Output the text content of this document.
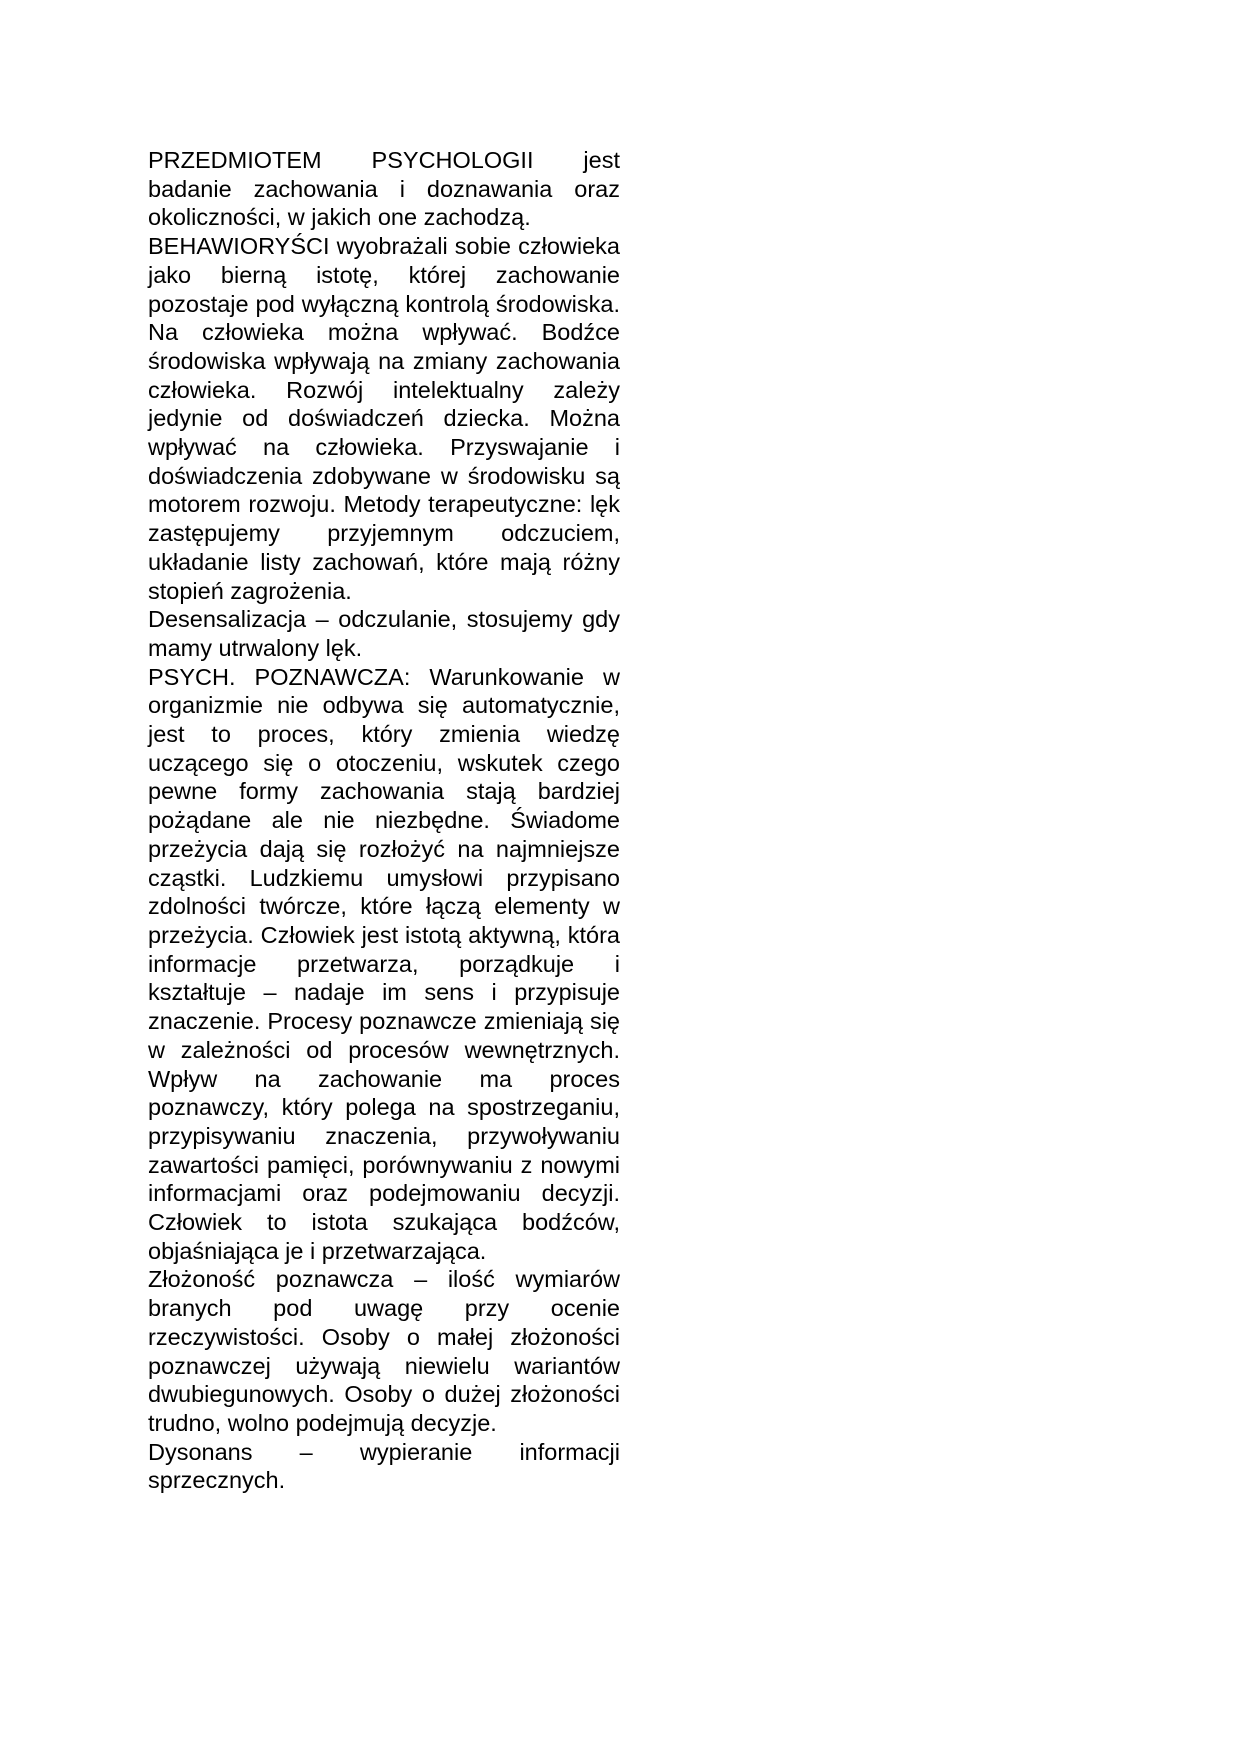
PRZEDMIOTEM PSYCHOLOGII jest badanie zachowania i doznawania oraz okoliczności, w jakich one zachodzą.

BEHAWIORYŚCI wyobrażali sobie człowieka jako bierną istotę, której zachowanie pozostaje pod wyłączną kontrolą środowiska. Na człowieka można wpływać. Bodźce środowiska wpływają na zmiany zachowania człowieka. Rozwój intelektualny zależy jedynie od doświadczeń dziecka. Można wpływać na człowieka. Przyswajanie i doświadczenia zdobywane w środowisku są motorem rozwoju. Metody terapeutyczne: lęk zastępujemy przyjemnym odczuciem, układanie listy zachowań, które mają różny stopień zagrożenia.

Desensalizacja – odczulanie, stosujemy gdy mamy utrwalony lęk.

PSYCH. POZNAWCZA: Warunkowanie w organizmie nie odbywa się automatycznie, jest to proces, który zmienia wiedzę uczącego się o otoczeniu, wskutek czego pewne formy zachowania stają bardziej pożądane ale nie niezbędne. Świadome przeżycia dają się rozłożyć na najmniejsze cząstki. Ludzkiemu umysłowi przypisano zdolności twórcze, które łączą elementy w przeżycia. Człowiek jest istotą aktywną, która informacje przetwarza, porządkuje i kształtuje – nadaje im sens i przypisuje znaczenie. Procesy poznawcze zmieniają się w zależności od procesów wewnętrznych. Wpływ na zachowanie ma proces poznawczy, który polega na spostrzeganiu, przypisywaniu znaczenia, przywoływaniu zawartości pamięci, porównywaniu z nowymi informacjami oraz podejmowaniu decyzji. Człowiek to istota szukająca bodźców, objaśniająca je i przetwarzająca.

Złożoność poznawcza – ilość wymiarów branych pod uwagę przy ocenie rzeczywistości. Osoby o małej złożoności poznawczej używają niewielu wariantów dwubiegunowych. Osoby o dużej złożoności trudno, wolno podejmują decyzje.

Dysonans – wypieranie informacji sprzecznych.
